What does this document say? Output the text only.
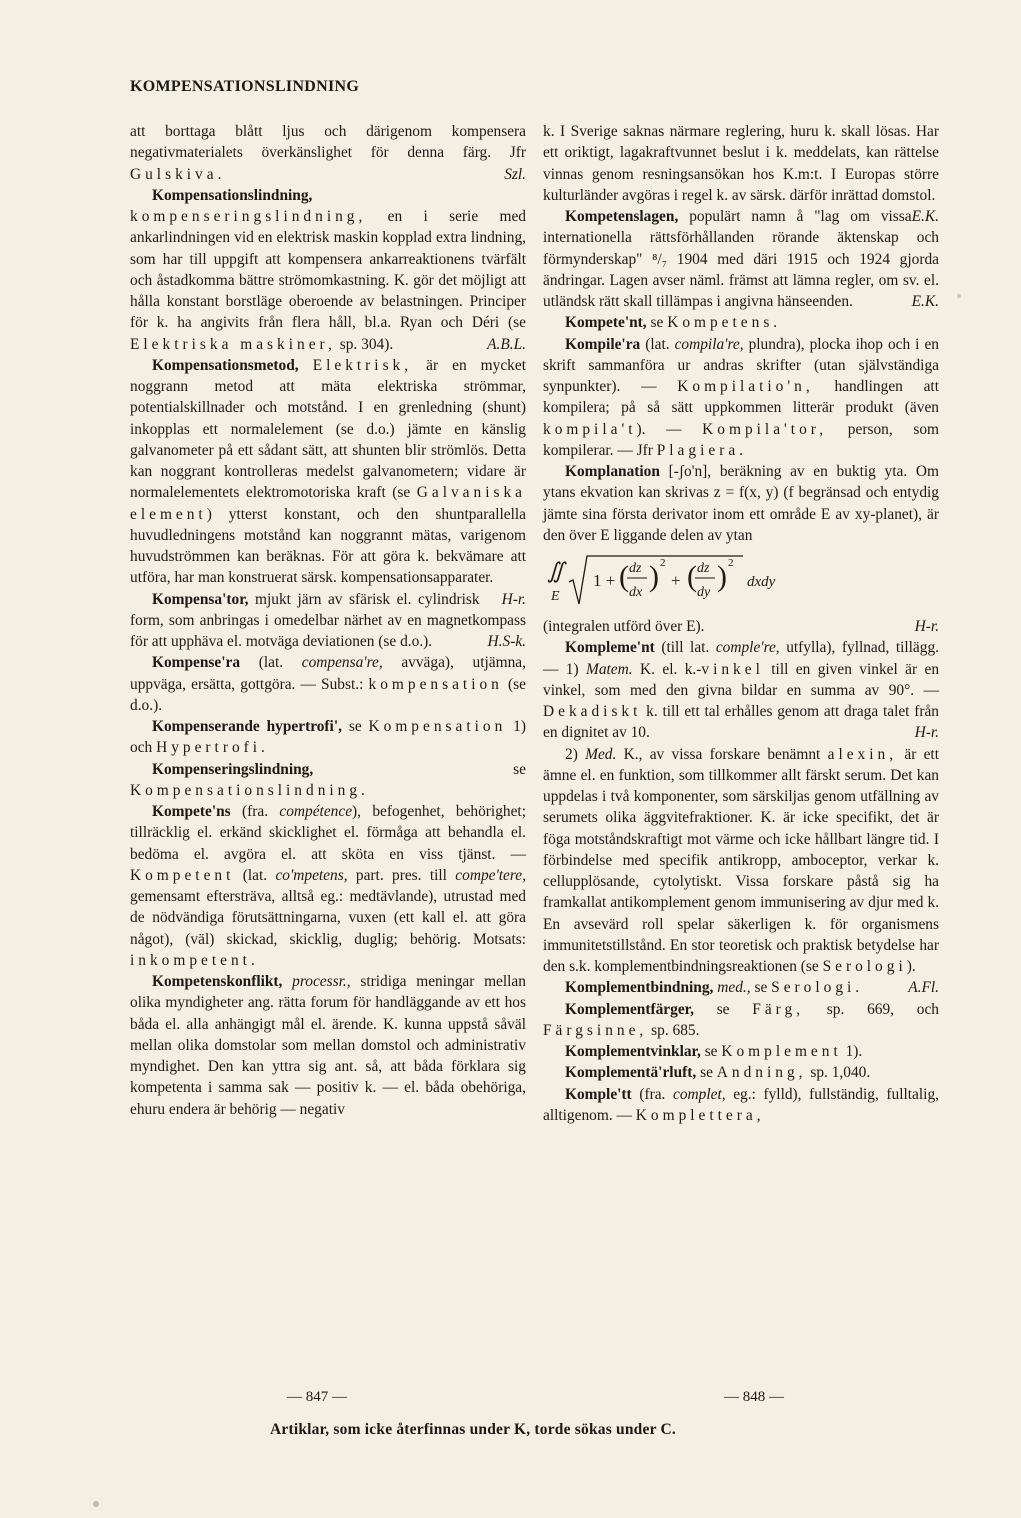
KOMPENSATIONSLINDNING

att borttaga blått ljus och därigenom kompensera negativmaterialets överkänslighet för denna färg. Jfr Gulskiva.	Szl.

Kompensationslindning, kompenseringslindning, en i serie med ankarlindningen vid en elektrisk maskin kopplad extra lindning, som har till uppgift att kompensera ankarreaktionens tvärfält och åstadkomma bättre strömomkastning. K. gör det möjligt att hålla konstant borstläge oberoende av belastningen. Principer för k. ha angivits från flera håll, bl.a. Ryan och Déri (se Elektriska maskiner, sp. 304).	A.B.L.

Kompensationsmetod, Elektrisk, är en mycket noggrann metod att mäta elektriska strömmar, potentialskillnader och motstånd. I en grenledning (shunt) inkopplas ett normalelement (se d.o.) jämte en känslig galvanometer på ett sådant sätt, att shunten blir strömlös. Detta kan noggrant kontrolleras medelst galvanometern; vidare är normalelementets elektromotoriska kraft (se Galvaniska element) ytterst konstant, och den shuntparallella huvudledningens motstånd kan noggrannt mätas, varigenom huvudströmmen kan beräknas. För att göra k. bekvämare att utföra, har man konstruerat särsk. kompensationsapparater.
H-r.

Kompensa'tor, mjukt järn av sfärisk el. cylindrisk form, som anbringas i omedelbar närhet av en magnetkompass för att upphäva el. motväga deviationen (se d.o.).	H.S-k.

Kompense'ra (lat. compensa're, avväga), utjämna, uppväga, ersätta, gottgöra. — Subst.: kompensation (se d.o.).

Kompenserande hypertrofi', se Kompensation 1) och Hypertrofi.

Kompenseringslindning,	se Kompensationslindning.

Kompete'ns (fra. compétence), befogenhet, behörighet; tillräcklig el. erkänd skicklighet el. förmåga att behandla el. bedöma el. avgöra el. att sköta en viss tjänst. — Kompetent (lat. co'mpetens, part. pres. till compe'tere, gemensamt eftersträva, alltså eg.: medtävlande), utrustad med de nödvändiga förutsättningarna, vuxen (ett kall el. att göra något), (väl) skickad, skicklig, duglig; behörig. Motsats: inkompetent.

Kompetenskonflikt, processr., stridiga meningar mellan olika myndigheter ang. rätta forum för handläggande av ett hos båda el. alla anhängigt mål el. ärende. K. kunna uppstå såväl mellan olika domstolar som mellan domstol och administrativ myndighet. Den kan yttra sig ant. så, att båda förklara sig kompetenta i samma sak — positiv k. — el. båda obehöriga, ehuru endera är behörig — negativ

k. I Sverige saknas närmare reglering, huru k. skall lösas. Har ett oriktigt, lagakraftvunnet beslut i k. meddelats, kan rättelse vinnas genom resningsansökan hos K.m:t. I Europas större kulturländer avgöras i regel k. av särsk. därför inrättad domstol.
E.K.

Kompetenslagen, populärt namn å "lag om vissa internationella rättsförhållanden rörande äktenskap och förmynderskap" ⁸/₇ 1904 med däri 1915 och 1924 gjorda ändringar. Lagen avser näml. främst att lämna regler, om sv. el. utländsk rätt skall tillämpas i angivna hänseenden.	E.K.

Kompete'nt, se Kompetens.

Kompile'ra (lat. compila're, plundra), plocka ihop och i en skrift sammanföra ur andras skrifter (utan självständiga synpunkter). — Kompilatio'n, handlingen att kompilera; på så sätt uppkommen litterär produkt (även kompila't). — Kompila'tor, person, som kompilerar. — Jfr Plagiera.

Komplanation [-ʃo'n], beräkning av en buktig yta. Om ytans ekvation kan skrivas z = f(x, y) (f begränsad och entydig jämte sina första derivator inom ett område E av xy-planet), är den över E liggande delen av ytan

∬
E
1 + ( dz
dx ) 2
+ ( dz
dy ) 2
dxdy

(integralen utförd över E).	H-r.

Kompleme'nt (till lat. comple're, utfylla), fyllnad, tillägg. — 1) Matem. K. el. k.-vinkel till en given vinkel är en vinkel, som med den givna bildar en summa av 90°. — Dekadiskt k. till ett tal erhålles genom att draga talet från en dignitet av 10.	H-r.

2) Med. K., av vissa forskare benämnt alexin, är ett ämne el. en funktion, som tillkommer allt färskt serum. Det kan uppdelas i två komponenter, som särskiljas genom utfällning av serumets olika äggvitefraktioner. K. är icke specifikt, det är föga motståndskraftigt mot värme och icke hållbart längre tid. I förbindelse med specifik antikropp, amboceptor, verkar k. cellupplösande, cytolytiskt. Vissa forskare påstå sig ha framkallat antikomplement genom immunisering av djur med k. En avsevärd roll spelar säkerligen k. för organismens immunitetstillstånd. En stor teoretisk och praktisk betydelse har den s.k. komplementbindningsreaktionen (se Serologi).
A.Fl.

Komplementbindning, med., se Serologi.

Komplementfärger, se Färg, sp. 669, och Färgsinne, sp. 685.

Komplementvinklar, se Komplement 1).

Komplementä'rluft, se Andning, sp. 1,040.

Komple'tt (fra. complet, eg.: fylld), fullständig, fulltalig, alltigenom. — Komplettera,

— 847 —	— 848 —
Artiklar, som icke återfinnas under K, torde sökas under C.
